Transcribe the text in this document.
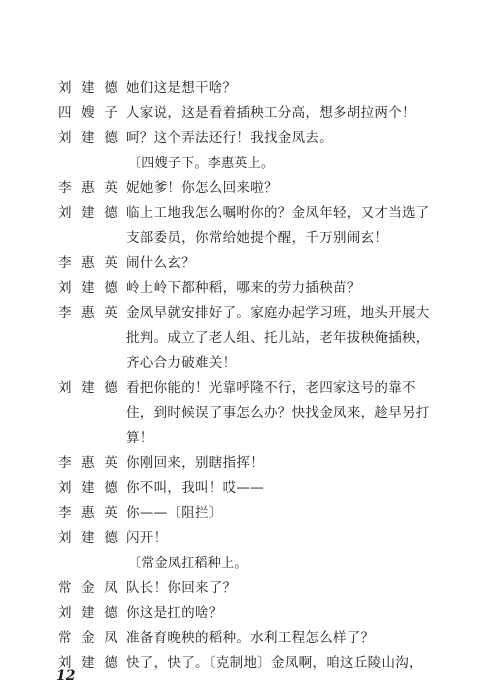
刘建德 她们这是想干啥？
四嫂子 人家说，这是看着插秧工分高，想多胡拉两个！
刘建德 呵？这个弄法还行！我找金凤去。
〔四嫂子下。李惠英上。
李惠英 妮她爹！你怎么回来啦？
刘建德 临上工地我怎么嘱咐你的？金凤年轻，又才当选了
支部委员，你常给她提个醒，千万别闹玄！
李惠英 闹什么玄？
刘建德 岭上岭下都种稻，哪来的劳力插秧苗？
李惠英 金凤早就安排好了。家庭办起学习班，地头开展大
批判。成立了老人组、托儿站，老年拔秧俺插秧，
齐心合力破难关！
刘建德 看把你能的！光靠呼隆不行，老四家这号的靠不
住，到时候误了事怎么办？快找金凤来，趁早另打
算！
李惠英 你刚回来，别瞎指挥！
刘建德 你不叫，我叫！哎——
李惠英 你——〔阻拦〕
刘建德 闪开！
〔常金凤扛稻种上。
常金凤 队长！你回来了？
刘建德 你这是扛的啥？
常金凤 准备育晚秧的稻种。水利工程怎么样了？
刘建德 快了，快了。〔克制地〕金凤啊，咱这丘陵山沟，
12
